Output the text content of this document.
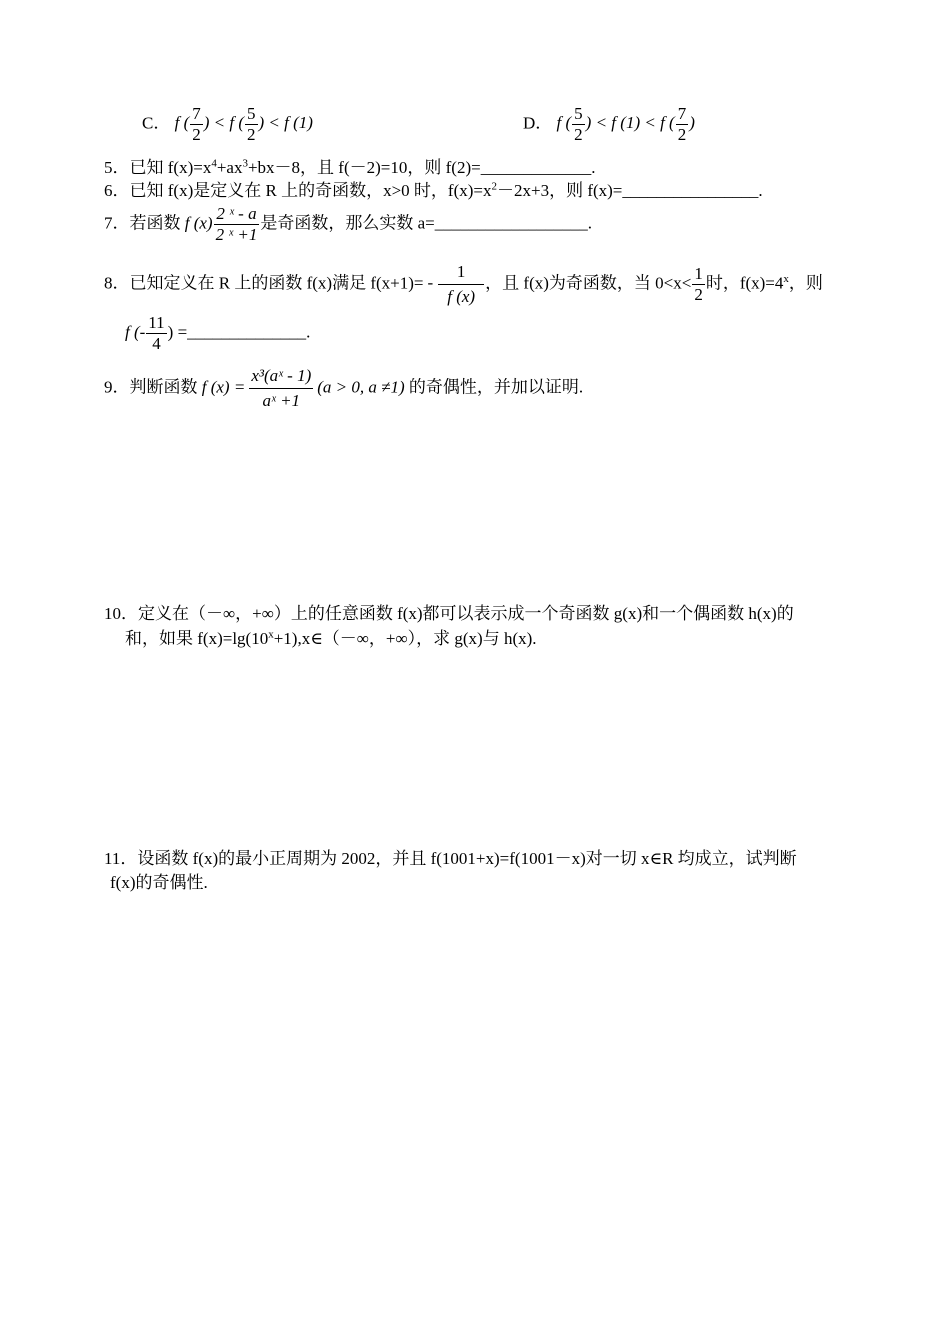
C． f ( $\frac{7}{2}$ ) < f ( $\frac{5}{2}$ ) < f (1)	D． f ( $\frac{5}{2}$ ) < f (1) < f ( $\frac{7}{2}$ )
5．已知 $f(x)=x^4+ax^3+bx-8$，且 f(－2)=10，则 f(2)=_____________.
6．已知 f(x)是定义在 R 上的奇函数，x>0 时，$f(x)=x^2-2x+3$，则 f(x)=________________.
7．若函数 f $(x) \frac{\text{2 ˣ - a}}{\text{2 ˣ +1}}$ 是奇函数，那么实数 a=__________________.
8．已知定义在 R 上的函数 f(x)满足 $f(x+1)= - \frac{1}{f (x)}$ ，且 f(x)为奇函数，当 $0<x< \frac{1}{2}$ 时，$f(x)=4^x$，则
f (- $\frac{11}{4}$ ) =______________.
9．判断函数 f $(x) = \frac{\text{x³(aˣ - 1)}}{\text{aˣ +1}} (a > 0$, a ≠1) 的奇偶性，并加以证明.
10．定义在（－∞，+∞）上的任意函数 f(x)都可以表示成一个奇函数 g(x)和一个偶函数 h(x)的
和，如果 $f(x)=\lg(10^x+1),x\in(-\infty$，+∞），求 g(x)与 h(x).
11．设函数 f(x)的最小正周期为 2002，并且 f(1001+x)=f(1001－x)对一切 x∈R 均成立，试判断
f(x)的奇偶性.
